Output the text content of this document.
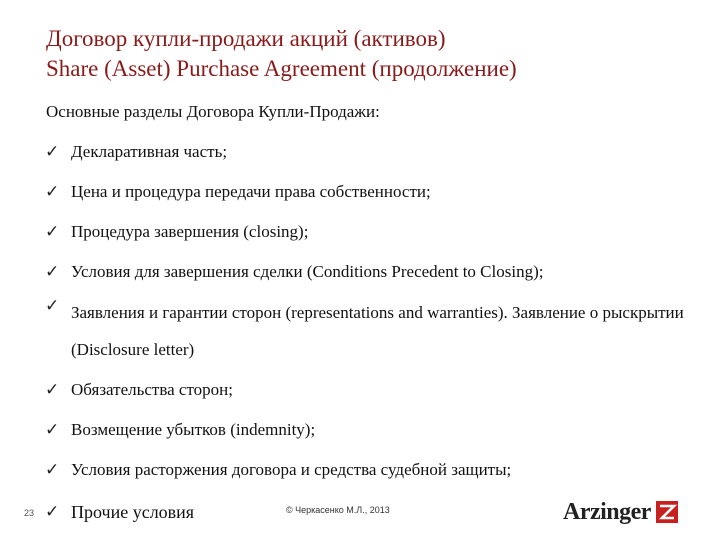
Договор купли-продажи акций (активов)
Share (Asset) Purchase Agreement (продолжение)
Основные разделы Договора Купли-Продажи:
✓ Декларативная часть;
✓ Цена и процедура передачи права собственности;
✓ Процедура завершения (closing);
✓ Условия для завершения сделки (Conditions Precedent to Closing);
✓ Заявления и гарантии сторон (representations and warranties). Заявление о рыскрытии (Disclosure letter)
✓ Обязательства сторон;
✓ Возмещение убытков (indemnity);
✓ Условия расторжения договора и средства судебной защиты;
✓ Прочие условия
23	© Черкасенко М.Л., 2013	Arzinger
